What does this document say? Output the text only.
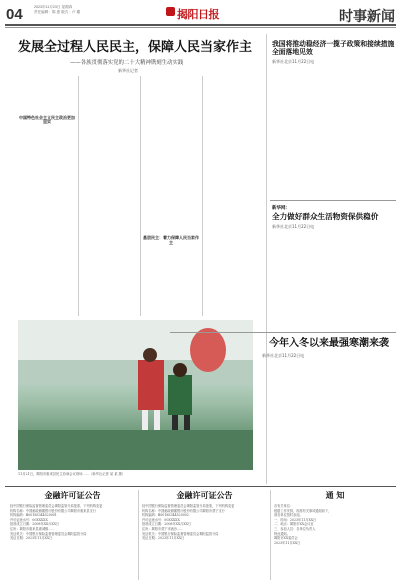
04	2023年11月23日 星期四
责任编辑：陈 惠 版式：卢 耀	揭阳日报	时事新闻
发展全过程人民民主，保障人民当家作主
——各族贯彻落实党的二十大精神镌刻生动实践
新华社记者

中国特色社会主义民主政治更加坚实
基层民主：着力保障人民当家作主
11月21日，揭阳市惠来县民主协商会议现场……（新华社记者 某 某 摄）
我国将推动稳经济一揽子政策和接续措施全面落地见效
新华社北京11月22日电
新华网：
全力做好群众生活物资保供稳价
新华社北京11月22日电
今年入冬以来最强寒潮来袭
新华社北京11月22日电
金融许可证公告
经中国银行保险监督管理委员会揭阳监管分局批准，下列机构变更
机构名称：中国邮政储蓄银行股份有限公司揭阳市惠来县支行
机构编码：B0018S344520001
许可证流水号：00XXXXX
批准成立日期：2008年XX月XX日
住所：揭阳市惠来县惠城镇……
发证机关：中国银行保险监督管理委员会揭阳监管分局
发证日期：2023年11月XX日
金融许可证公告
经中国银行保险监督管理委员会揭阳监管分局批准，下列机构变更
机构名称：中国邮政储蓄银行股份有限公司揭阳市普宁支行
机构编码：B0018S344520002
许可证流水号：00XXXXX
批准成立日期：2008年XX月XX日
住所：揭阳市普宁市流沙……
发证机关：中国银行保险监督管理委员会揭阳监管分局
发证日期：2023年11月XX日
通 知
各有关单位：
根据工作安排，现将有关事项通知如下，
请各单位按时参加。
一、时间：2023年11月XX日
二、地点：揭阳市XX会议室
三、参加人员：各单位负责人
特此通知。
揭阳市XX委员会
2023年11月XX日
